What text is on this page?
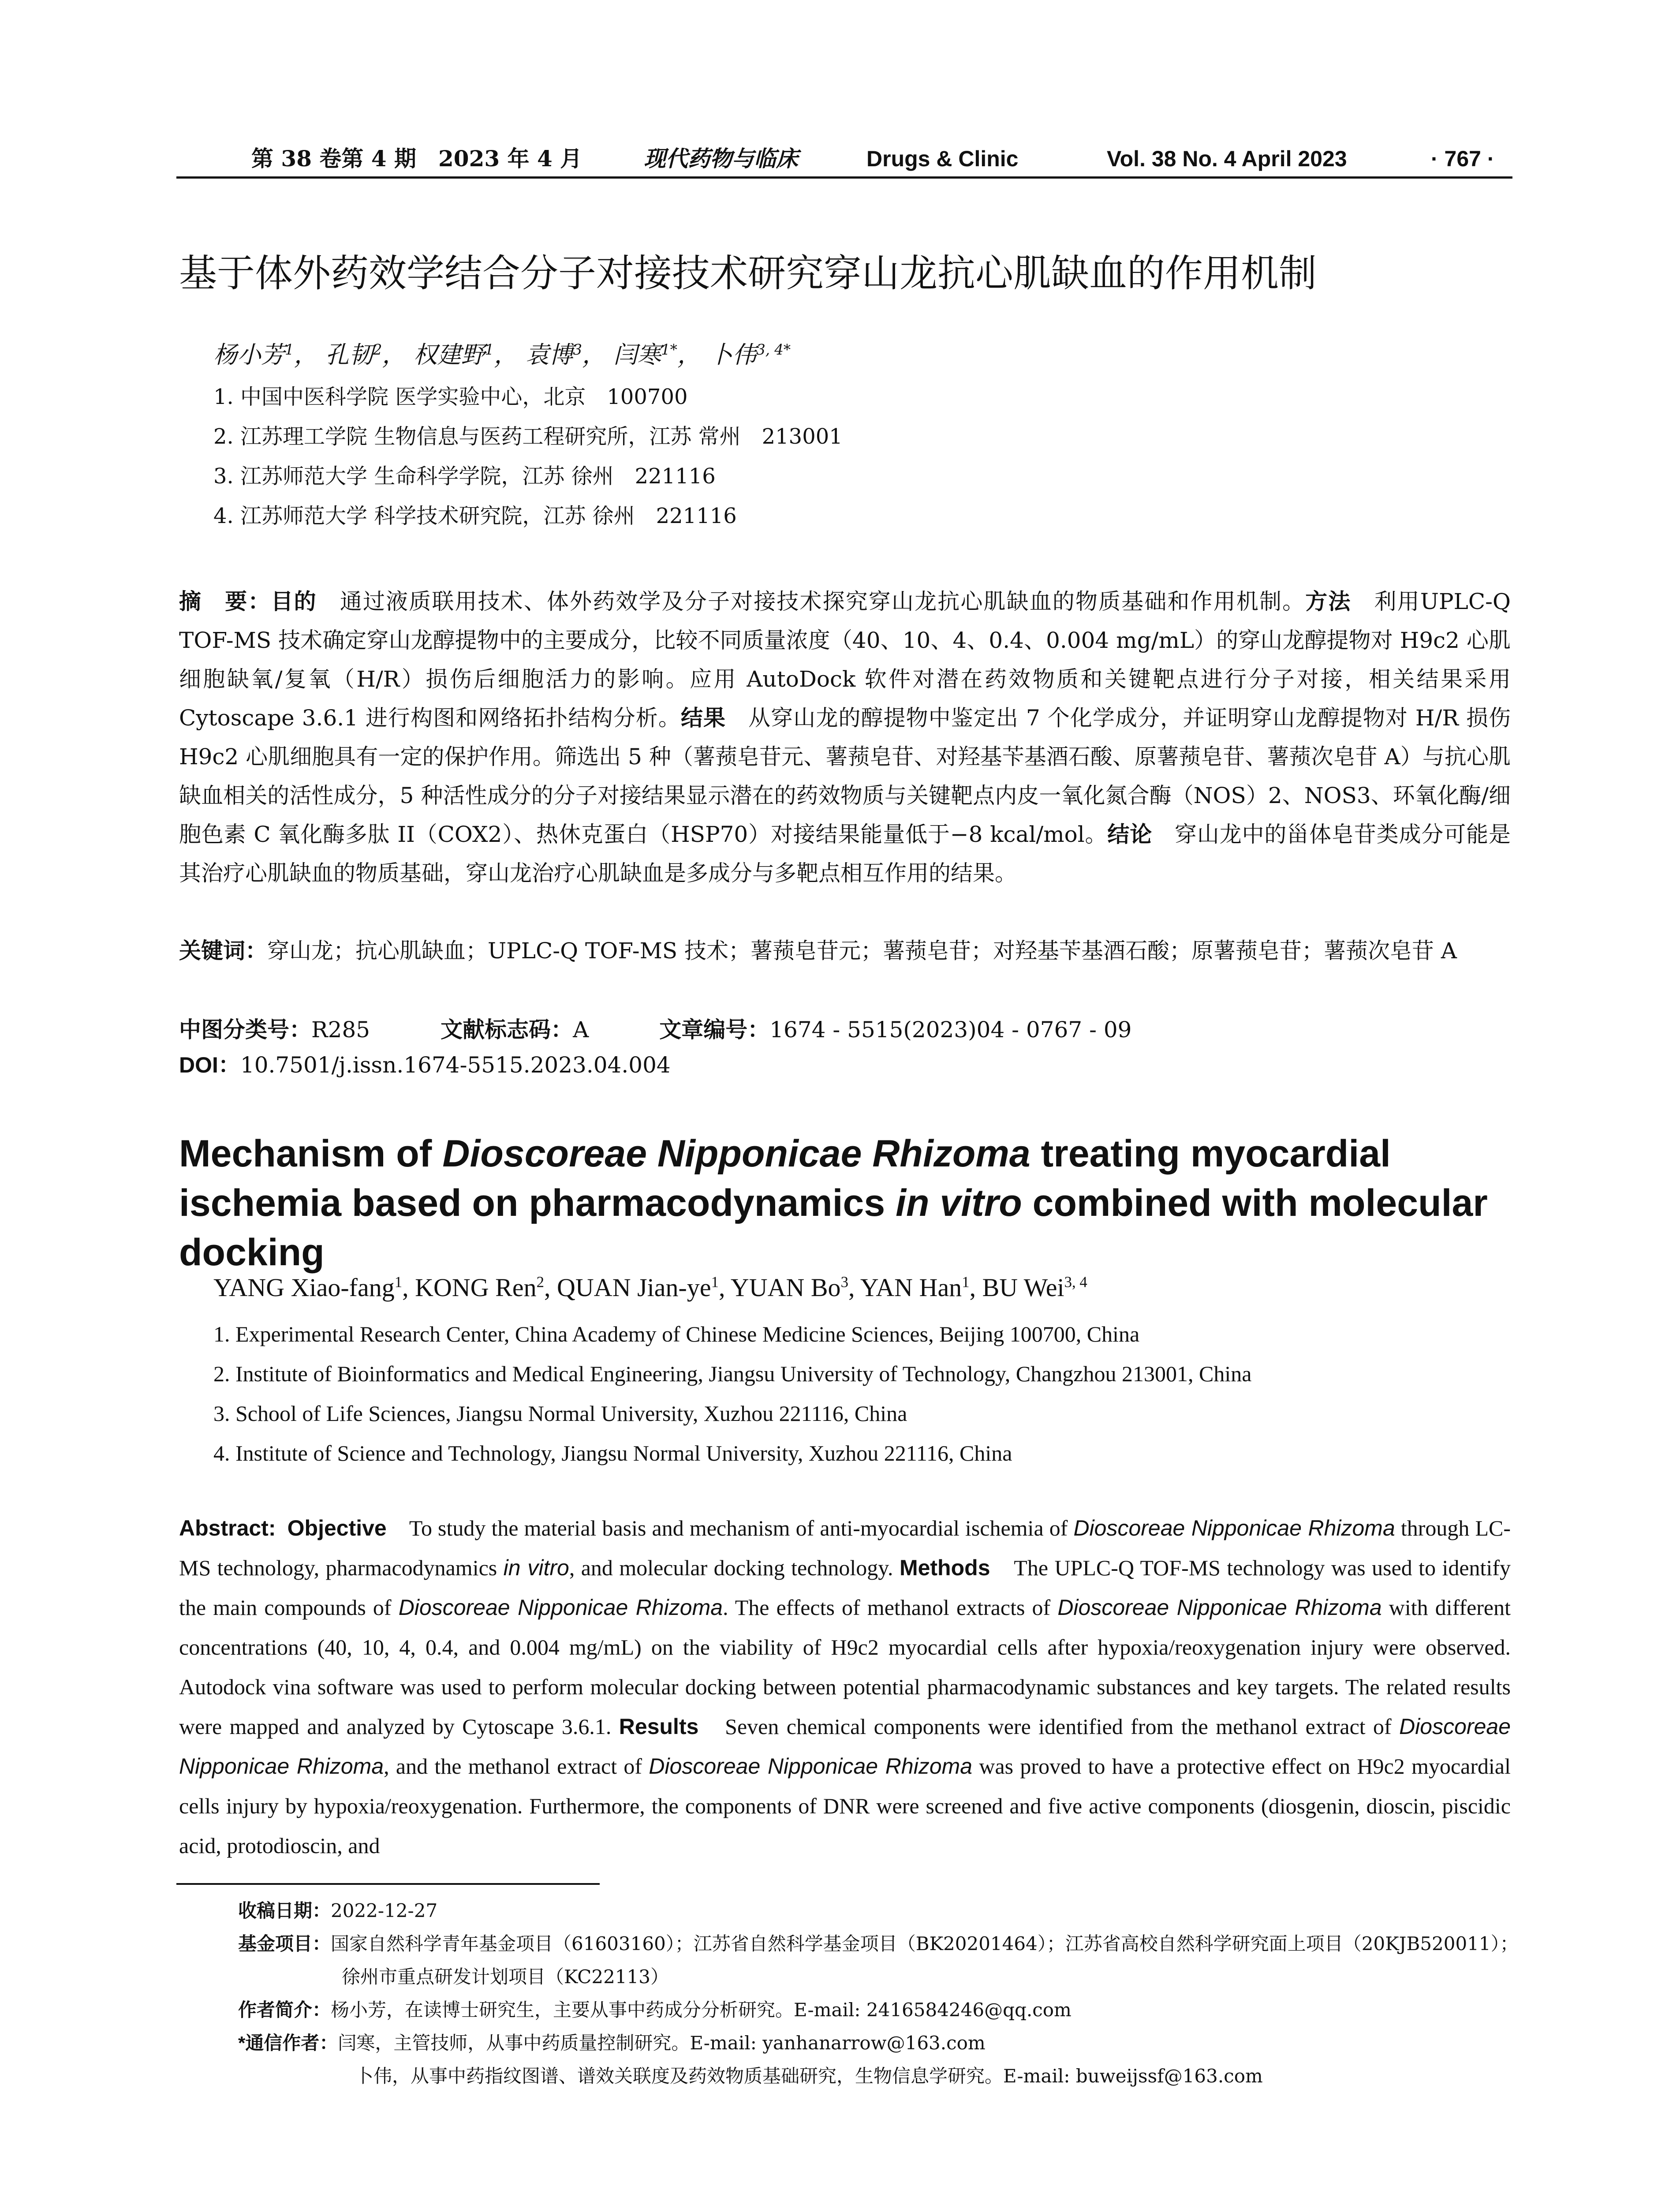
第 38 卷第 4 期　2023 年 4 月	现代药物与临床	Drugs & Clinic	Vol. 38 No. 4 April 2023	· 767 ·
基于体外药效学结合分子对接技术研究穿山龙抗心肌缺血的作用机制
杨小芳$^1$， 孔韧$^2$， 权建野$^1$， 袁博$^3$， 闫寒$^{1*}$， 卜伟$^{3, 4*}$
1. 中国中医科学院 医学实验中心，北京　100700
2. 江苏理工学院 生物信息与医药工程研究所，江苏 常州　213001
3. 江苏师范大学 生命科学学院，江苏 徐州　221116
4. 江苏师范大学 科学技术研究院，江苏 徐州　221116
摘　要：目的　通过液质联用技术、体外药效学及分子对接技术探究穿山龙抗心肌缺血的物质基础和作用机制。方法　利用UPLC-Q TOF-MS 技术确定穿山龙醇提物中的主要成分，比较不同质量浓度（40、10、4、0.4、0.004 mg/mL）的穿山龙醇提物对 H9c2 心肌细胞缺氧/复氧（H/R）损伤后细胞活力的影响。应用 AutoDock 软件对潜在药效物质和关键靶点进行分子对接，相关结果采用 Cytoscape 3.6.1 进行构图和网络拓扑结构分析。结果　从穿山龙的醇提物中鉴定出 7 个化学成分，并证明穿山龙醇提物对 H/R 损伤 H9c2 心肌细胞具有一定的保护作用。筛选出 5 种（薯蓣皂苷元、薯蓣皂苷、对羟基苄基酒石酸、原薯蓣皂苷、薯蓣次皂苷 A）与抗心肌缺血相关的活性成分，5 种活性成分的分子对接结果显示潜在的药效物质与关键靶点内皮一氧化氮合酶（NOS）2、NOS3、环氧化酶/细胞色素 C 氧化酶多肽 II（COX2）、热休克蛋白（HSP70）对接结果能量低于−8 kcal/mol。结论　穿山龙中的甾体皂苷类成分可能是其治疗心肌缺血的物质基础，穿山龙治疗心肌缺血是多成分与多靶点相互作用的结果。
关键词：穿山龙；抗心肌缺血；UPLC-Q TOF-MS 技术；薯蓣皂苷元；薯蓣皂苷；对羟基苄基酒石酸；原薯蓣皂苷；薯蓣次皂苷 A
中图分类号：R285	文献标志码：A	文章编号：1674 - 5515(2023)04 - 0767 - 09
DOI：10.7501/j.issn.1674-5515.2023.04.004
Mechanism of Dioscoreae Nipponicae Rhizoma treating myocardial ischemia based on pharmacodynamics in vitro combined with molecular docking
YANG Xiao-fang$^1$, KONG Ren$^2$, QUAN Jian-$ye^1$, YUAN Bo$^3$, YAN Han$^1$, BU Wei$^{3, 4}$
1. Experimental Research Center, China Academy of Chinese Medicine Sciences, Beijing 100700, China
2. Institute of Bioinformatics and Medical Engineering, Jiangsu University of Technology, Changzhou 213001, China
3. School of Life Sciences, Jiangsu Normal University, Xuzhou 221116, China
4. Institute of Science and Technology, Jiangsu Normal University, Xuzhou 221116, China
Abstract: Objective　To study the material basis and mechanism of anti-myocardial ischemia of Dioscoreae Nipponicae Rhizoma through LC-MS technology, pharmacodynamics in vitro, and molecular docking technology. Methods　The UPLC-Q TOF-MS technology was used to identify the main compounds of Dioscoreae Nipponicae Rhizoma. The effects of methanol extracts of Dioscoreae Nipponicae Rhizoma with different concentrations (40, 10, 4, 0.4, and 0.004 mg/mL) on the viability of H9c2 myocardial cells after hypoxia/reoxygenation injury were observed. Autodock vina software was used to perform molecular docking between potential pharmacodynamic substances and key targets. The related results were mapped and analyzed by Cytoscape 3.6.1. Results　Seven chemical components were identified from the methanol extract of Dioscoreae Nipponicae Rhizoma, and the methanol extract of Dioscoreae Nipponicae Rhizoma was proved to have a protective effect on H9c2 myocardial cells injury by hypoxia/reoxygenation. Furthermore, the components of DNR were screened and five active components (diosgenin, dioscin, piscidic acid, protodioscin, and
收稿日期：2022-12-27
基金项目：国家自然科学青年基金项目（61603160）；江苏省自然科学基金项目（BK20201464）；江苏省高校自然科学研究面上项目（20KJB520011）；
徐州市重点研发计划项目（KC22113）
作者简介：杨小芳，在读博士研究生，主要从事中药成分分析研究。E-mail: 2416584246@qq.com
*通信作者：闫寒，主管技师，从事中药质量控制研究。E-mail: yanhanarrow@163.com
卜伟，从事中药指纹图谱、谱效关联度及药效物质基础研究，生物信息学研究。E-mail: buweijssf@163.com
